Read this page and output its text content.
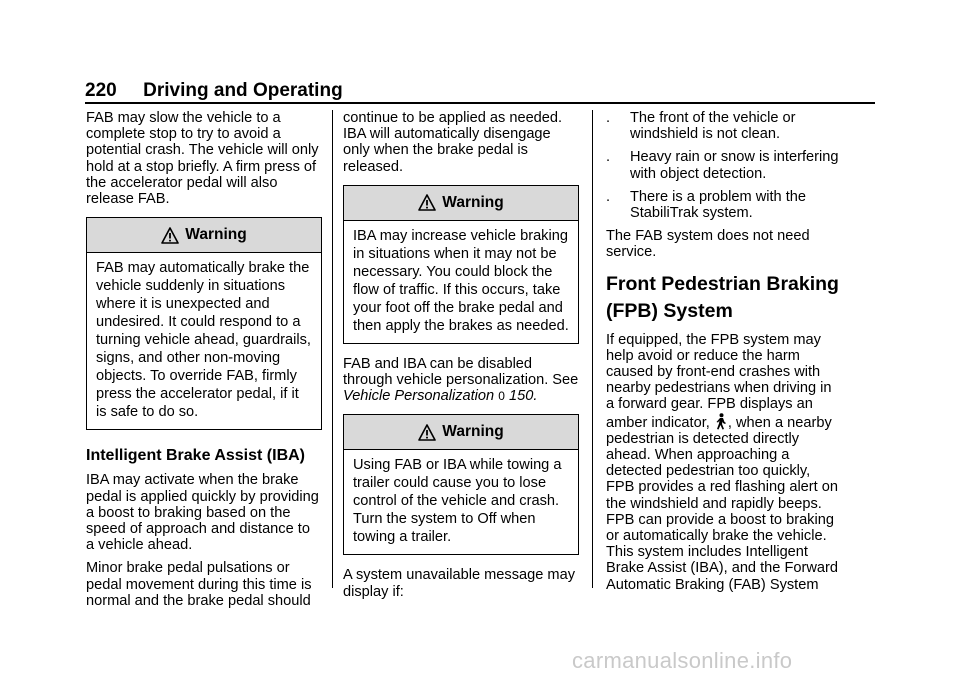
220 Driving and Operating

FAB may slow the vehicle to a complete stop to try to avoid a potential crash. The vehicle will only hold at a stop briefly. A firm press of the accelerator pedal will also release FAB.

Warning
FAB may automatically brake the vehicle suddenly in situations where it is unexpected and undesired. It could respond to a turning vehicle ahead, guardrails, signs, and other non-moving objects. To override FAB, firmly press the accelerator pedal, if it is safe to do so.
Intelligent Brake Assist (IBA)

IBA may activate when the brake pedal is applied quickly by providing a boost to braking based on the speed of approach and distance to a vehicle ahead.

Minor brake pedal pulsations or pedal movement during this time is normal and the brake pedal should

continue to be applied as needed. IBA will automatically disengage only when the brake pedal is released.

Warning
IBA may increase vehicle braking in situations when it may not be necessary. You could block the flow of traffic. If this occurs, take your foot off the brake pedal and then apply the brakes as needed.

FAB and IBA can be disabled through vehicle personalization. See Vehicle Personalization 0 150.

Warning
Using FAB or IBA while towing a trailer could cause you to lose control of the vehicle and crash. Turn the system to Off when towing a trailer.

A system unavailable message may display if:

.	The front of the vehicle or windshield is not clean.
.	Heavy rain or snow is interfering with object detection.
.	There is a problem with the StabiliTrak system.

The FAB system does not need service.

Front Pedestrian Braking (FPB) System

If equipped, the FPB system may help avoid or reduce the harm caused by front-end crashes with nearby pedestrians when driving in a forward gear. FPB displays an amber indicator, , when a nearby pedestrian is detected directly ahead. When approaching a detected pedestrian too quickly, FPB provides a red flashing alert on the windshield and rapidly beeps. FPB can provide a boost to braking or automatically brake the vehicle. This system includes Intelligent Brake Assist (IBA), and the Forward Automatic Braking (FAB) System

carmanualsonline.info
